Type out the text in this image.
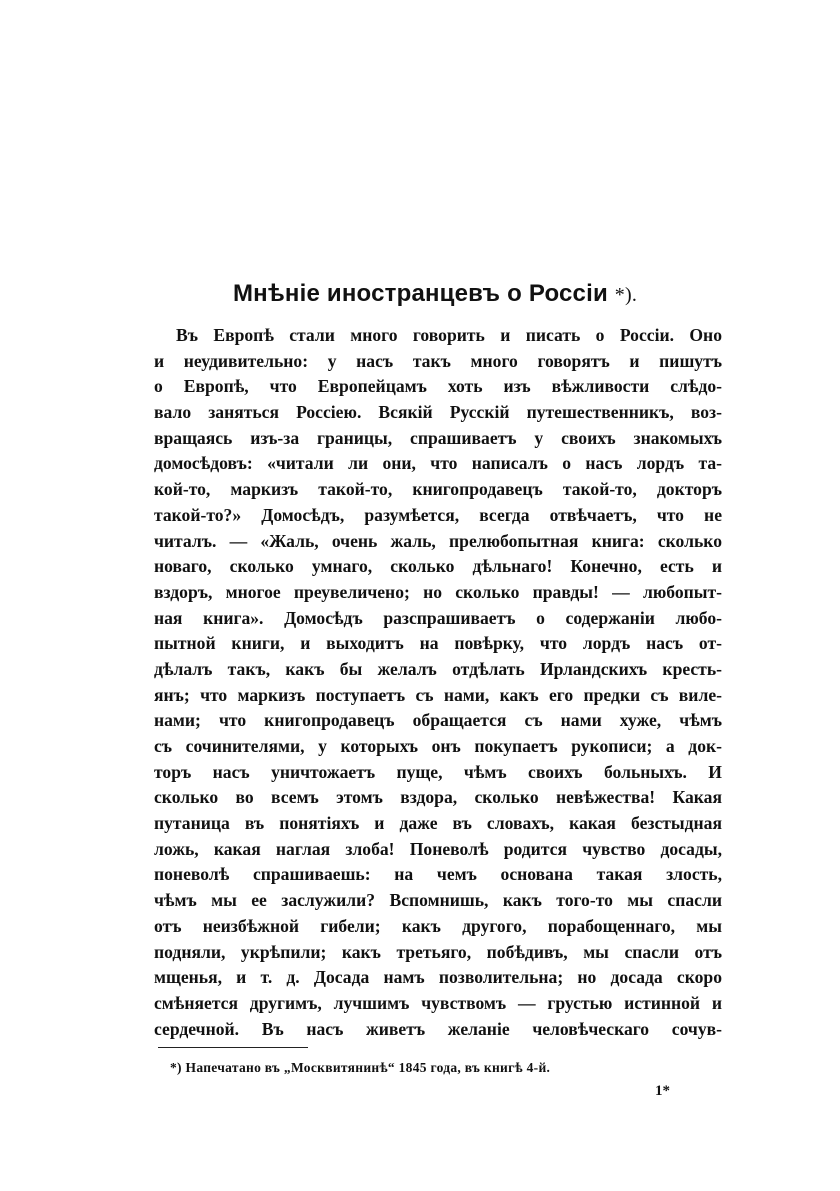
Мнѣніе иностранцевъ о Россіи *).
Въ Европѣ стали много говорить и писать о Россіи. Оно
и неудивительно: у насъ такъ много говорятъ и пишутъ
о Европѣ, что Европейцамъ хоть изъ вѣжливости слѣдо-
вало заняться Россіею. Всякій Русскій путешественникъ, воз-
вращаясь изъ-за границы, спрашиваетъ у своихъ знакомыхъ
домосѣдовъ: «читали ли они, что написалъ о насъ лордъ та-
кой-то, маркизъ такой-то, книгопродавецъ такой-то, докторъ
такой-то?» Домосѣдъ, разумѣется, всегда отвѣчаетъ, что не
читалъ. — «Жаль, очень жаль, прелюбопытная книга: сколько
новаго, сколько умнаго, сколько дѣльнаго! Конечно, есть и
вздоръ, многое преувеличено; но сколько правды! — любопыт-
ная книга». Домосѣдъ разспрашиваетъ о содержаніи любо-
пытной книги, и выходитъ на повѣрку, что лордъ насъ от-
дѣлалъ такъ, какъ бы желалъ отдѣлать Ирландскихъ кресть-
янъ; что маркизъ поступаетъ съ нами, какъ его предки съ виле-
нами; что книгопродавецъ обращается съ нами хуже, чѣмъ
съ сочинителями, у которыхъ онъ покупаетъ рукописи; а док-
торъ насъ уничтожаетъ пуще, чѣмъ своихъ больныхъ. И
сколько во всемъ этомъ вздора, сколько невѣжества! Какая
путаница въ понятіяхъ и даже въ словахъ, какая безстыдная
ложь, какая наглая злоба! Поневолѣ родится чувство досады,
поневолѣ спрашиваешь: на чемъ основана такая злость,
чѣмъ мы ее заслужили? Вспомнишь, какъ того-то мы спасли
отъ неизбѣжной гибели; какъ другого, порабощеннаго, мы
подняли, укрѣпили; какъ третьяго, побѣдивъ, мы спасли отъ
мщенья, и т. д. Досада намъ позволительна; но досада скоро
смѣняется другимъ, лучшимъ чувствомъ — грустью истинной и
сердечной. Въ насъ живетъ желаніе человѣческаго сочув-
*) Напечатано въ „Москвитянинѣ“ 1845 года, въ книгѣ 4-й.
1*
